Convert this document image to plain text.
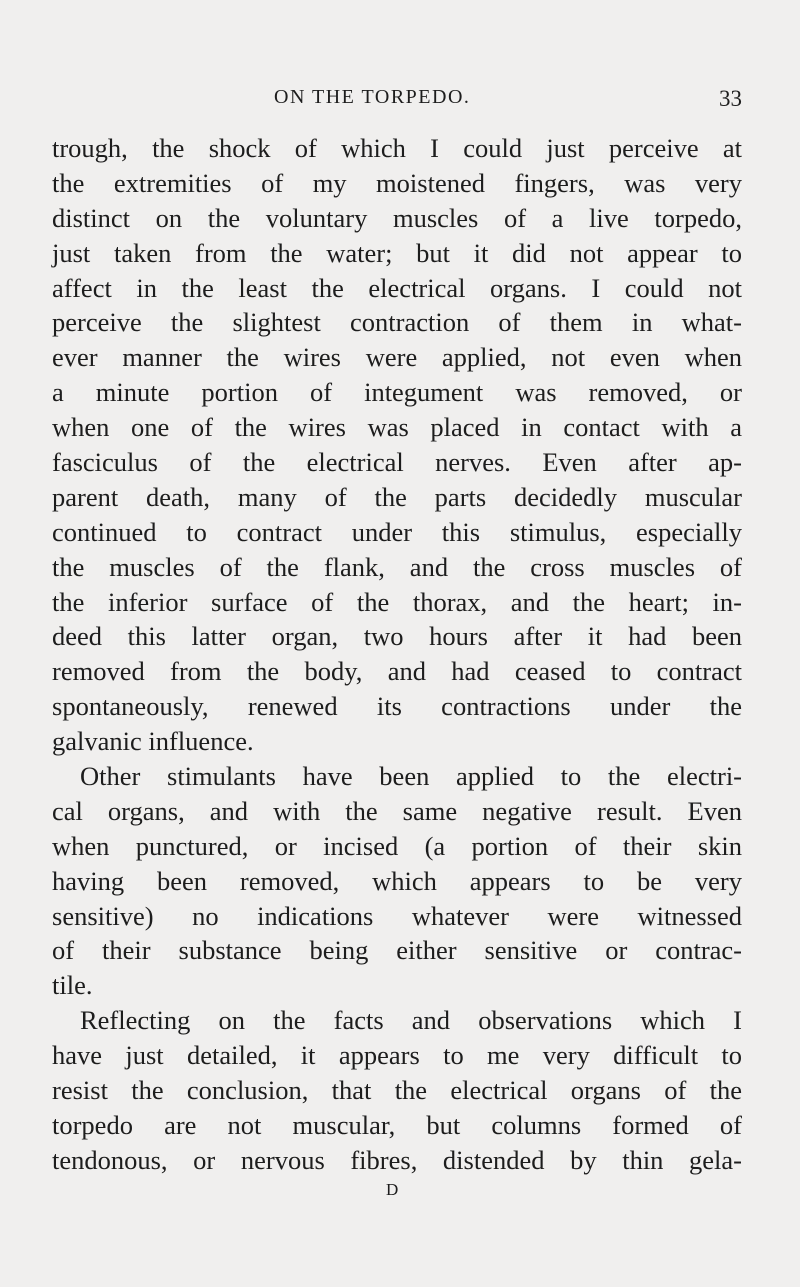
ON THE TORPEDO.	33
trough, the shock of which I could just perceive at
the extremities of my moistened fingers, was very
distinct on the voluntary muscles of a live torpedo,
just taken from the water; but it did not appear to
affect in the least the electrical organs. I could not
perceive the slightest contraction of them in what-
ever manner the wires were applied, not even when
a minute portion of integument was removed, or
when one of the wires was placed in contact with a
fasciculus of the electrical nerves. Even after ap-
parent death, many of the parts decidedly muscular
continued to contract under this stimulus, especially
the muscles of the flank, and the cross muscles of
the inferior surface of the thorax, and the heart; in-
deed this latter organ, two hours after it had been
removed from the body, and had ceased to contract
spontaneously, renewed its contractions under the
galvanic influence.
Other stimulants have been applied to the electri-
cal organs, and with the same negative result. Even
when punctured, or incised (a portion of their skin
having been removed, which appears to be very
sensitive) no indications whatever were witnessed
of their substance being either sensitive or contrac-
tile.
Reflecting on the facts and observations which I
have just detailed, it appears to me very difficult to
resist the conclusion, that the electrical organs of the
torpedo are not muscular, but columns formed of
tendonous, or nervous fibres, distended by thin gela-
D
